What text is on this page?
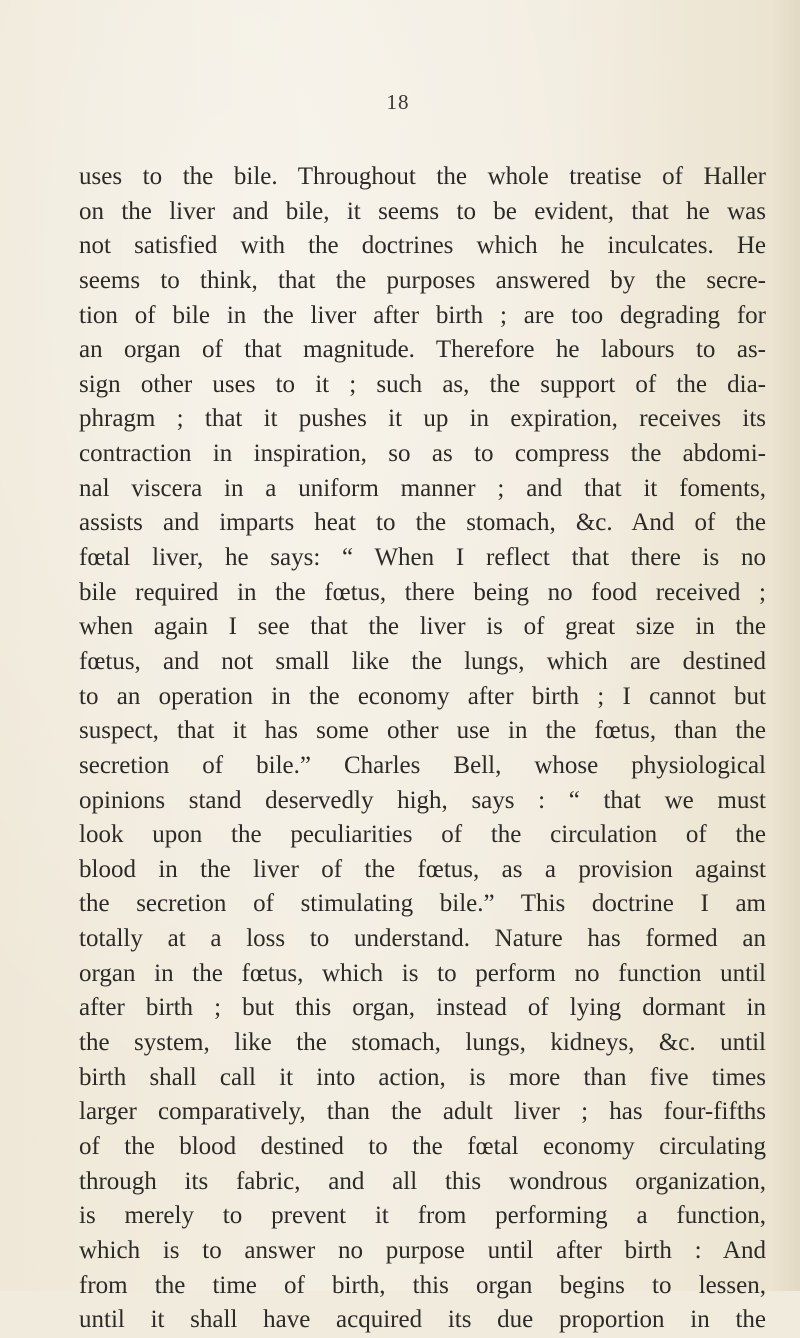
18
uses to the bile. Throughout the whole treatise of Haller
on the liver and bile, it seems to be evident, that he was
not satisfied with the doctrines which he inculcates. He
seems to think, that the purposes answered by the secre-
tion of bile in the liver after birth ; are too degrading for
an organ of that magnitude. Therefore he labours to as-
sign other uses to it ; such as, the support of the dia-
phragm ; that it pushes it up in expiration, receives its
contraction in inspiration, so as to compress the abdomi-
nal viscera in a uniform manner ; and that it foments,
assists and imparts heat to the stomach, &c. And of the
fœtal liver, he says: “ When I reflect that there is no
bile required in the fœtus, there being no food received ;
when again I see that the liver is of great size in the
fœtus, and not small like the lungs, which are destined
to an operation in the economy after birth ; I cannot but
suspect, that it has some other use in the fœtus, than the
secretion of bile.” Charles Bell, whose physiological
opinions stand deservedly high, says : “ that we must
look upon the peculiarities of the circulation of the
blood in the liver of the fœtus, as a provision against
the secretion of stimulating bile.” This doctrine I am
totally at a loss to understand. Nature has formed an
organ in the fœtus, which is to perform no function until
after birth ; but this organ, instead of lying dormant in
the system, like the stomach, lungs, kidneys, &c. until
birth shall call it into action, is more than five times
larger comparatively, than the adult liver ; has four-fifths
of the blood destined to the fœtal economy circulating
through its fabric, and all this wondrous organization,
is merely to prevent it from performing a function,
which is to answer no purpose until after birth : And
from the time of birth, this organ begins to lessen,
until it shall have acquired its due proportion in the
